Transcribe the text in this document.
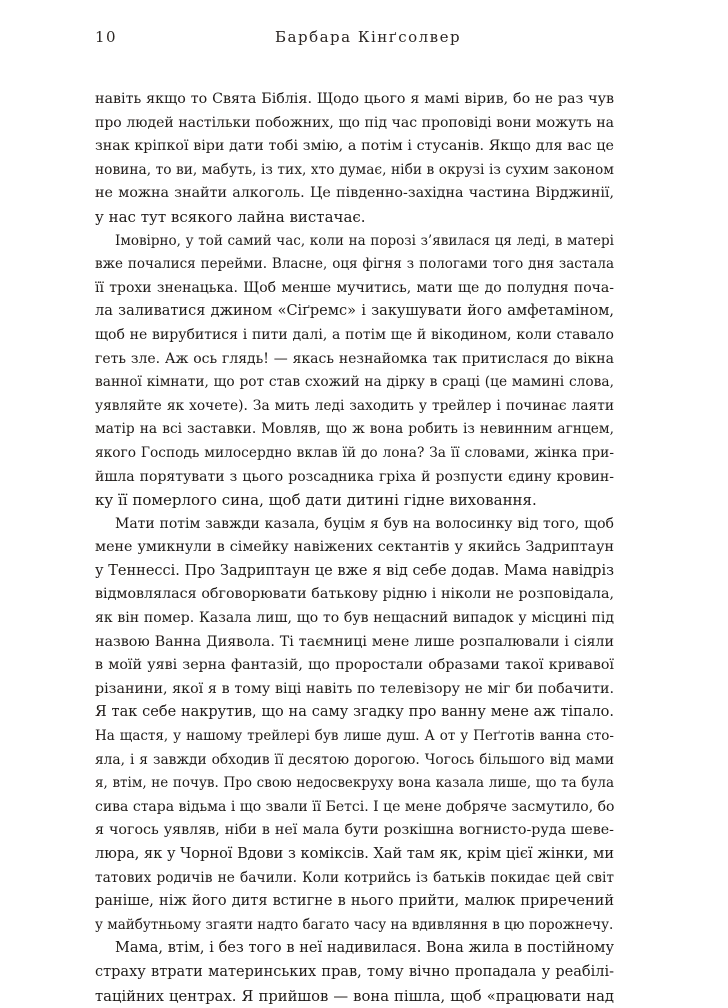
10	Барбара Кінґсолвер
навіть якщо то Свята Біблія. Щодо цього я мамі вірив, бо не раз чув
про людей настільки побожних, що під час проповіді вони можуть на
знак кріпкої віри дати тобі змію, а потім і стусанів. Якщо для вас це
новина, то ви, мабуть, із тих, хто думає, ніби в окрузі із сухим законом
не можна знайти алкоголь. Це південно-західна частина Вірджинії,
у нас тут всякого лайна вистачає.
Імовірно, у той самий час, коли на порозі з’явилася ця леді, в матері
вже почалися перейми. Власне, оця фігня з пологами того дня застала
її трохи зненацька. Щоб менше мучитись, мати ще до полудня поча-
ла заливатися джином «Сіґремс» і закушувати його амфетаміном,
щоб не вирубитися і пити далі, а потім ще й вікодином, коли ставало
геть зле. Аж ось глядь! — якась незнайомка так притислася до вікна
ванної кімнати, що рот став схожий на дірку в сраці (це мамині слова,
уявляйте як хочете). За мить леді заходить у трейлер і починає лаяти
матір на всі заставки. Мовляв, що ж вона робить із невинним агнцем,
якого Господь милосердно вклав їй до лона? За її словами, жінка при-
йшла порятувати з цього розсадника гріха й розпусти єдину кровин-
ку її померлого сина, щоб дати дитині гідне виховання.
Мати потім завжди казала, буцім я був на волосинку від того, щоб
мене умикнули в сімейку навіжених сектантів у якийсь Задриптаун
у Теннессі. Про Задриптаун це вже я від себе додав. Мама навідріз
відмовлялася обговорювати батькову рідню і ніколи не розповідала,
як він помер. Казала лиш, що то був нещасний випадок у місцині під
назвою Ванна Диявола. Ті таємниці мене лише розпалювали і сіяли
в моїй уяві зерна фантазій, що проростали образами такої кривавої
різанини, якої я в тому віці навіть по телевізору не міг би побачити.
Я так себе накрутив, що на саму згадку про ванну мене аж тіпало.
На щастя, у нашому трейлері був лише душ. А от у Пеґготів ванна сто-
яла, і я завжди обходив її десятою дорогою. Чогось більшого від мами
я, втім, не почув. Про свою недосвекруху вона казала лише, що та була
сива стара відьма і що звали її Бетсі. І це мене добряче засмутило, бо
я чогось уявляв, ніби в неї мала бути розкішна вогнисто-руда шеве-
люра, як у Чорної Вдови з коміксів. Хай там як, крім цієї жінки, ми
татових родичів не бачили. Коли котрийсь із батьків покидає цей світ
раніше, ніж його дитя встигне в нього прийти, малюк приречений
у майбутньому згаяти надто багато часу на вдивляння в цю порожнечу.
Мама, втім, і без того в неї надивилася. Вона жила в постійному
страху втрати материнських прав, тому вічно пропадала у реабілі-
таційних центрах. Я прийшов — вона пішла, щоб «працювати над
